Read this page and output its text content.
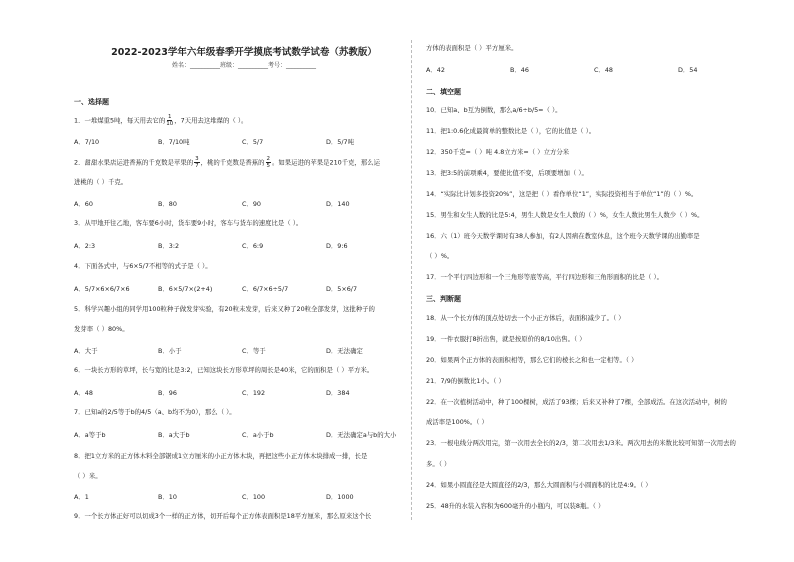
2022-2023学年六年级春季开学摸底考试数学试卷（苏教版）
姓名：__________班级：__________考号：__________
一、选择题
1．一堆煤重5吨，每天用去它的 $\frac{1}{10}$ ，7天用去这堆煤的（ ）。
A．7/10	B．7/10吨	C．5/7	D．5/7吨
2．甜甜水果店运进香蕉的千克数是苹果的 $\frac{3}{7}$ ，桃的千克数是香蕉的 $\frac{2}{5}$ 。如果运进的苹果是210千克，那么运
进桃的（ ）千克。
A．60	B．80	C．90	D．140
3．从甲地开往乙地，客车要6小时，货车要9小时，客车与货车的速度比是（ ）。
A．2:3	B．3:2	C．6:9	D．9:6
4．下面各式中，与6×5/7不相等的式子是（ ）。
A．5/7×6×6/7×6	B．6×5/7×(2+4)	C．6/7×6÷5/7	D．5×6/7
5．科学兴趣小组的同学用100粒种子做发芽实验，有20粒未发芽，后来又种了20粒全部发芽，这批种子的
发芽率（ ）80%。
A．大于	B．小于	C．等于	D．无法确定
6．一块长方形的草坪，长与宽的比是3:2，已知这块长方形草坪的周长是40米，它的面积是（ ）平方米。
A．48	B．96	C．192	D．384
7．已知a的2/5等于b的4/5（a、b均不为0），那么（ ）。
A．a等于b	B．a大于b	C．a小于b	D．无法确定a与b的大小
8．把1立方米的正方体木料全部锯成1立方厘米的小正方体木块，再把这些小正方体木块排成一排，长是
（ ）米。
A．1	B．10	C．100	D．1000
9．一个长方体正好可以切成3个一样的正方体，切开后每个正方体表面积是18平方厘米，那么原来这个长
方体的表面积是（ ）平方厘米。
A．42	B．46	C．48	D．54
二、填空题
10．已知a、b互为倒数，那么a/6÷b/5=（ ）。
11．把1:0.6化成最简单的整数比是（ ），它的比值是（ ）。
12．350千克=（ ）吨 4.8立方米=（ ）立方分米
13．把3:5的前项乘4，要使比值不变，后项要增加（ ）。
14．“实际比计划多投资20%”，这是把（ ）看作单位“1”，实际投资相当于单位“1”的（ ）%。
15．男生和女生人数的比是5:4，男生人数是女生人数的（ ）%，女生人数比男生人数少（ ）%。
16．六（1）班今天数学课时有38人参加，有2人因病在教室休息，这个班今天数学课的出勤率是
（ ）%。
17．一个平行四边形和一个三角形等底等高，平行四边形和三角形面积的比是（ ）。
三、判断题
18．从一个长方体的顶点处切去一个小正方体后，表面积减少了。（ ）
19．一件衣服打8折出售，就是按原价的8/10出售。（ ）
20．如果两个正方体的表面积相等，那么它们的棱长之和也一定相等。（ ）
21．7/9的倒数比1小。（ ）
22．在一次植树活动中，种了100棵树，成活了93棵；后来又补种了7棵，全部成活。在这次活动中，树的
成活率是100%。（ ）
23．一根电线分两次用完，第一次用去全长的2/3，第二次用去1/3米。两次用去的米数比较可知第一次用去的
多。（ ）
24．如果小圆直径是大圆直径的2/3，那么大圆面积与小圆面积的比是4:9。（ ）
25．48升的水装入容积为600毫升的小瓶内，可以装8瓶。（ ）
